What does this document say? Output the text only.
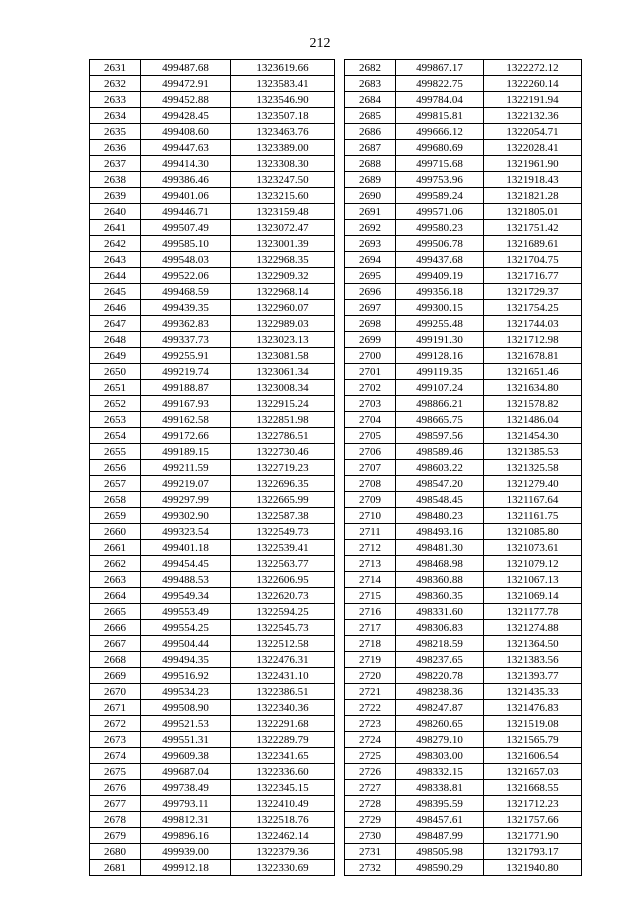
212
2631	499487.68	1323619.66
2632	499472.91	1323583.41
2633	499452.88	1323546.90
2634	499428.45	1323507.18
2635	499408.60	1323463.76
2636	499447.63	1323389.00
2637	499414.30	1323308.30
2638	499386.46	1323247.50
2639	499401.06	1323215.60
2640	499446.71	1323159.48
2641	499507.49	1323072.47
2642	499585.10	1323001.39
2643	499548.03	1322968.35
2644	499522.06	1322909.32
2645	499468.59	1322968.14
2646	499439.35	1322960.07
2647	499362.83	1322989.03
2648	499337.73	1323023.13
2649	499255.91	1323081.58
2650	499219.74	1323061.34
2651	499188.87	1323008.34
2652	499167.93	1322915.24
2653	499162.58	1322851.98
2654	499172.66	1322786.51
2655	499189.15	1322730.46
2656	499211.59	1322719.23
2657	499219.07	1322696.35
2658	499297.99	1322665.99
2659	499302.90	1322587.38
2660	499323.54	1322549.73
2661	499401.18	1322539.41
2662	499454.45	1322563.77
2663	499488.53	1322606.95
2664	499549.34	1322620.73
2665	499553.49	1322594.25
2666	499554.25	1322545.73
2667	499504.44	1322512.58
2668	499494.35	1322476.31
2669	499516.92	1322431.10
2670	499534.23	1322386.51
2671	499508.90	1322340.36
2672	499521.53	1322291.68
2673	499551.31	1322289.79
2674	499609.38	1322341.65
2675	499687.04	1322336.60
2676	499738.49	1322345.15
2677	499793.11	1322410.49
2678	499812.31	1322518.76
2679	499896.16	1322462.14
2680	499939.00	1322379.36
2681	499912.18	1322330.69
2682	499867.17	1322272.12
2683	499822.75	1322260.14
2684	499784.04	1322191.94
2685	499815.81	1322132.36
2686	499666.12	1322054.71
2687	499680.69	1322028.41
2688	499715.68	1321961.90
2689	499753.96	1321918.43
2690	499589.24	1321821.28
2691	499571.06	1321805.01
2692	499580.23	1321751.42
2693	499506.78	1321689.61
2694	499437.68	1321704.75
2695	499409.19	1321716.77
2696	499356.18	1321729.37
2697	499300.15	1321754.25
2698	499255.48	1321744.03
2699	499191.30	1321712.98
2700	499128.16	1321678.81
2701	499119.35	1321651.46
2702	499107.24	1321634.80
2703	498866.21	1321578.82
2704	498665.75	1321486.04
2705	498597.56	1321454.30
2706	498589.46	1321385.53
2707	498603.22	1321325.58
2708	498547.20	1321279.40
2709	498548.45	1321167.64
2710	498480.23	1321161.75
2711	498493.16	1321085.80
2712	498481.30	1321073.61
2713	498468.98	1321079.12
2714	498360.88	1321067.13
2715	498360.35	1321069.14
2716	498331.60	1321177.78
2717	498306.83	1321274.88
2718	498218.59	1321364.50
2719	498237.65	1321383.56
2720	498220.78	1321393.77
2721	498238.36	1321435.33
2722	498247.87	1321476.83
2723	498260.65	1321519.08
2724	498279.10	1321565.79
2725	498303.00	1321606.54
2726	498332.15	1321657.03
2727	498338.81	1321668.55
2728	498395.59	1321712.23
2729	498457.61	1321757.66
2730	498487.99	1321771.90
2731	498505.98	1321793.17
2732	498590.29	1321940.80
